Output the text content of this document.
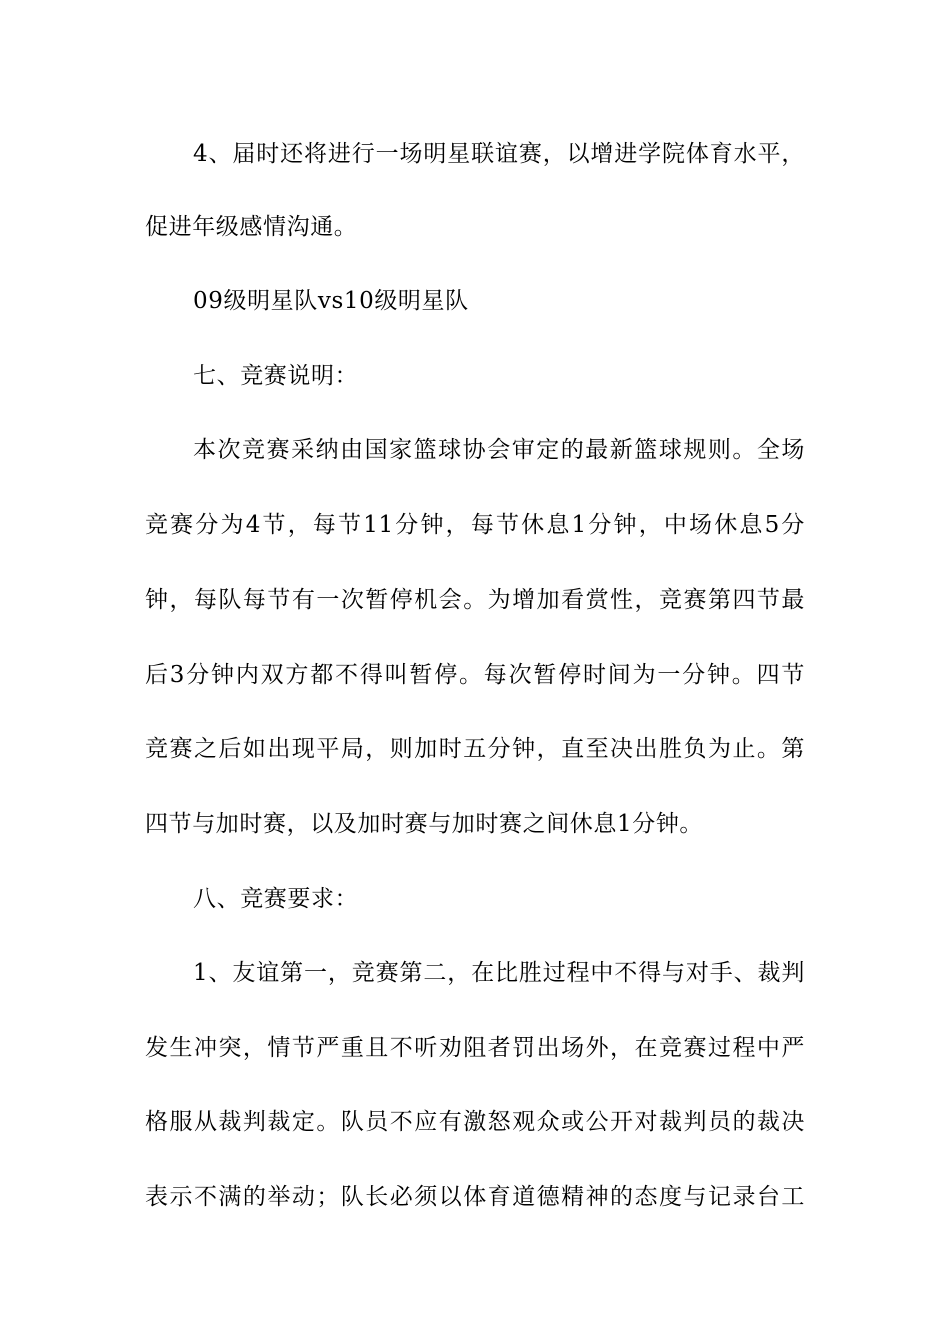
4、届时还将进行一场明星联谊赛，以增进学院体育水平，
促进年级感情沟通。
09级明星队vs10级明星队
七、竞赛说明：
本次竞赛采纳由国家篮球协会审定的最新篮球规则。全场
竞赛分为4节，每节11分钟，每节休息1分钟，中场休息5分
钟，每队每节有一次暂停机会。为增加看赏性，竞赛第四节最
后3分钟内双方都不得叫暂停。每次暂停时间为一分钟。四节
竞赛之后如出现平局，则加时五分钟，直至决出胜负为止。第
四节与加时赛，以及加时赛与加时赛之间休息1分钟。
八、竞赛要求：
1、友谊第一，竞赛第二，在比胜过程中不得与对手、裁判
发生冲突，情节严重且不听劝阻者罚出场外，在竞赛过程中严
格服从裁判裁定。队员不应有激怒观众或公开对裁判员的裁决
表示不满的举动；队长必须以体育道德精神的态度与记录台工
